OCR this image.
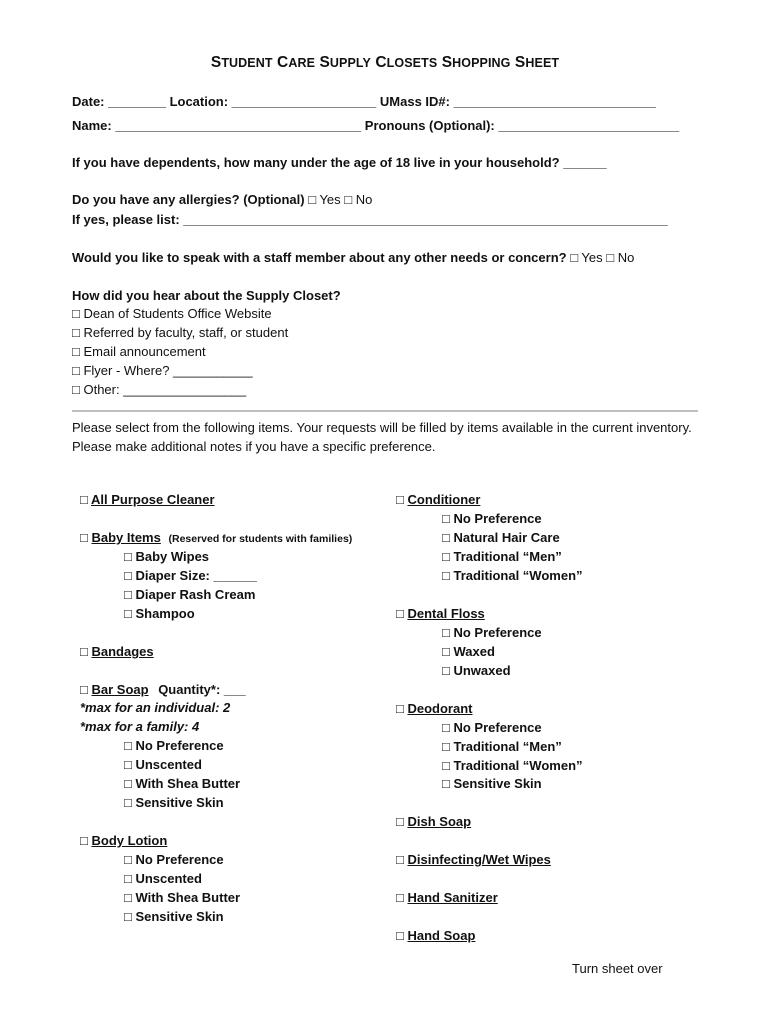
STUDENT CARE SUPPLY CLOSETS SHOPPING SHEET
Date: ________ Location: ____________________ UMass ID#: ____________________________
Name: __________________________________ Pronouns (Optional): _________________________
If you have dependents, how many under the age of 18 live in your household? ______
Do you have any allergies? (Optional) □ Yes □ No
If yes, please list: ___________________________________________________________________
Would you like to speak with a staff member about any other needs or concern? □ Yes □ No
How did you hear about the Supply Closet?
□ Dean of Students Office Website
□ Referred by faculty, staff, or student
□ Email announcement
□ Flyer - Where? ___________
□ Other: _________________
Please select from the following items. Your requests will be filled by items available in the current inventory. Please make additional notes if you have a specific preference.
□ All Purpose Cleaner
□ Baby Items (Reserved for students with families)
□ Baby Wipes
□ Diaper Size: ______
□ Diaper Rash Cream
□ Shampoo
□ Bandages
□ Bar Soap Quantity*: ___
*max for an individual: 2
*max for a family: 4
□ No Preference
□ Unscented
□ With Shea Butter
□ Sensitive Skin
□ Body Lotion
□ No Preference
□ Unscented
□ With Shea Butter
□ Sensitive Skin
□ Conditioner
□ No Preference
□ Natural Hair Care
□ Traditional “Men”
□ Traditional “Women”
□ Dental Floss
□ No Preference
□ Waxed
□ Unwaxed
□ Deodorant
□ No Preference
□ Traditional “Men”
□ Traditional “Women”
□ Sensitive Skin
□ Dish Soap
□ Disinfecting/Wet Wipes
□ Hand Sanitizer
□ Hand Soap
Turn sheet over
